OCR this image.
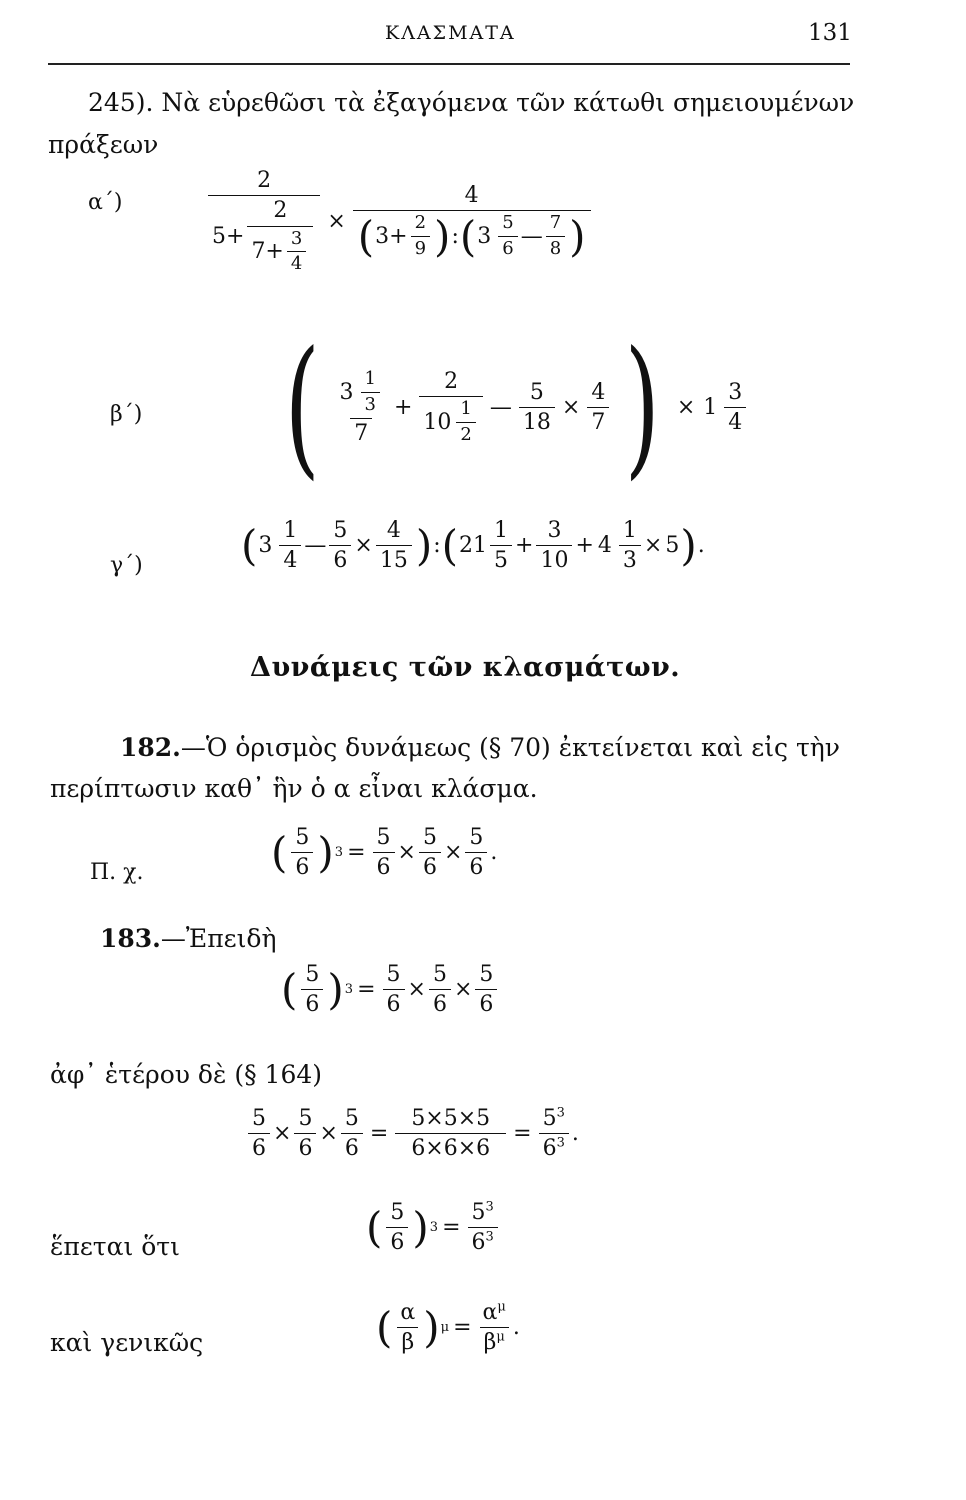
ΚΛΑΣΜΑΤΑ	131
245). Νὰ εὑρεθῶσι τὰ ἐξαγόμενα τῶν κάτωθι σημειουμένων
πράξεων
α΄)
2
$5+ \frac{2}{7+ \frac{3}{4}}$ ×
4
( $3+ \frac{2}{9}$ ) : ( $3 \frac{5}{6}$ — $\frac{7}{8}$ )
β΄) ( $\frac{3 \frac{1}{3}}{7} + \frac{2}{10 \frac{1}{2}}$ — $\frac{5}{18} \times \frac{4}{7}$ ) × $1 \frac{3}{4}$
γ΄) ( $3 \frac{1}{4}$ — $\frac{5}{6} \times \frac{4}{15}$ ) : ( $21 \frac{1}{5} + \frac{3}{10} + 4 \frac{1}{3} \times 5$ ) .
Δυνάμεις τῶν κλασμάτων.
182.—Ὁ ὁρισμὸς δυνάμεως (§ 70) ἐκτείνεται καὶ εἰς τὴν
περίπτωσιν καθ᾽ ἣν ὁ α εἶναι κλάσμα.
Π. χ.	( $\frac{5}{6}$ ) $3 = \frac{5}{6} \times \frac{5}{6} \times \frac{5}{6}$ .
183.—Ἐπειδὴ
( $\frac{5}{6}$ ) $3 = \frac{5}{6} \times \frac{5}{6} \times \frac{5}{6}$
ἀφ᾽ ἑτέρου δὲ (§ 164)
$\frac{5}{6} \times \frac{5}{6} \times \frac{5}{6} = \frac{5\times 5\times 5}{6\times 6\times 6} = \frac{5^3}{6^3}$ .
ἕπεται ὅτι	( $\frac{5}{6}$ ) $3 = \frac{5^3}{6^3}$
καὶ γενικῶς	( $\frac{\alpha}{\beta}$ ) $\mu = \frac{\alpha^\mu}{\beta^\mu}$ .
